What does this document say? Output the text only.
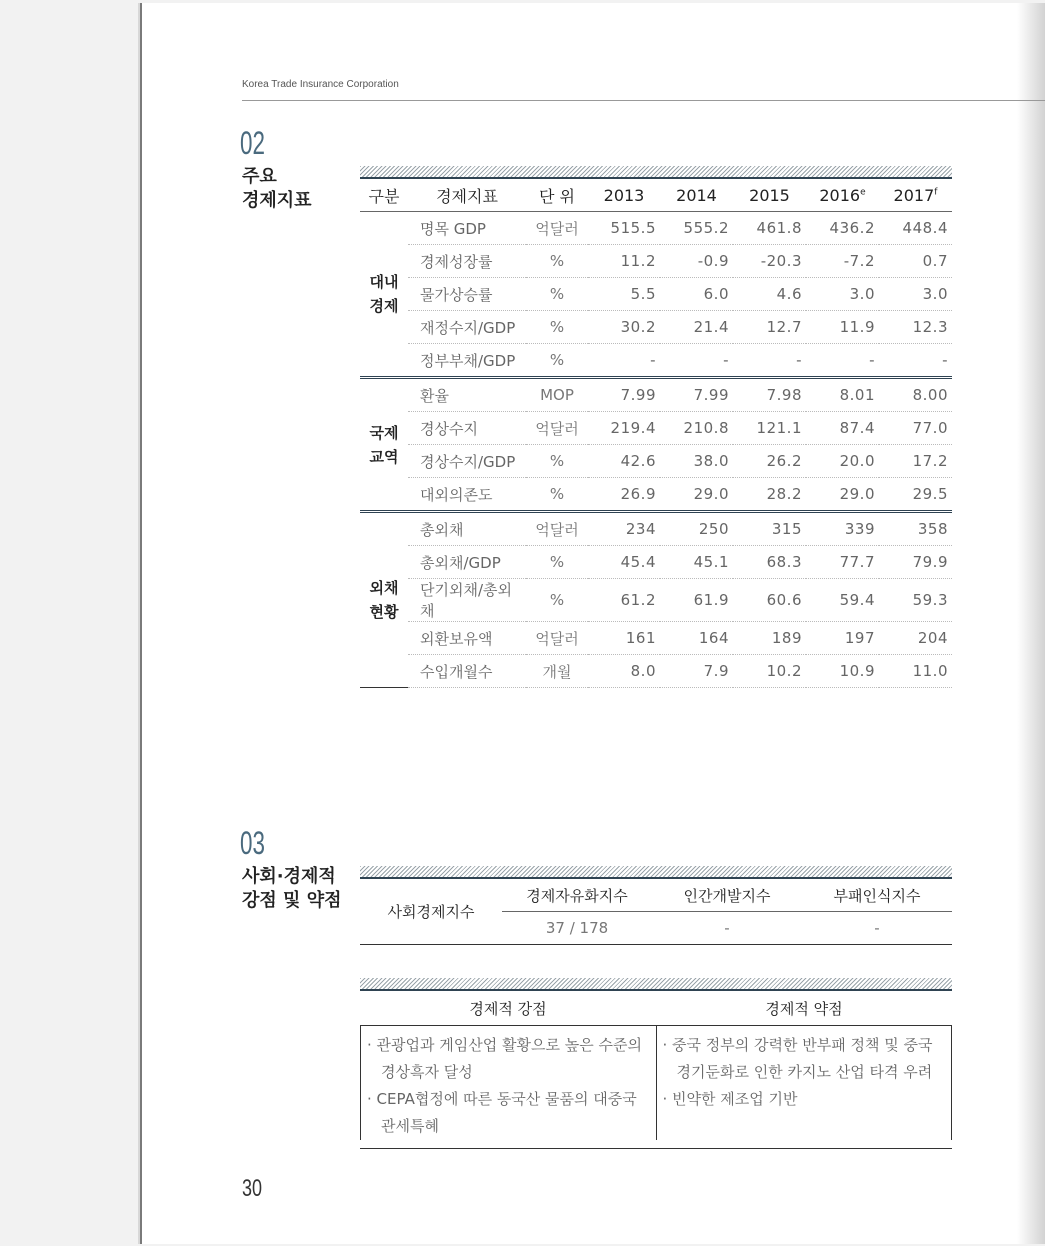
Korea Trade Insurance Corporation
02
주요
경제지표	구분	경제지표	단 위	2013	2014	2015	2016e	2017$^f$

대내
경제	명목 GDP	억달러	515.5	555.2	461.8	436.2	448.4
	경제성장률	%	11.2	-0.9	-20.3	-7.2	0.7
	물가상승률	%	5.5	6.0	4.6	3.0	3.0
	재정수지/GDP	%	30.2	21.4	12.7	11.9	12.3
	정부부채/GDP	%	-	-	-	-	-

국제
교역	환율	MOP	7.99	7.99	7.98	8.01	8.00
	경상수지	억달러	219.4	210.8	121.1	87.4	77.0
	경상수지/GDP	%	42.6	38.0	26.2	20.0	17.2
	대외의존도	%	26.9	29.0	28.2	29.0	29.5

외채
현황	총외채	억달러	234	250	315	339	358
	총외채/GDP	%	45.4	45.1	68.3	77.7	79.9
	단기외채/총외채	%	61.2	61.9	60.6	59.4	59.3
	외환보유액	억달러	161	164	189	197	204
	수입개월수	개월	8.0	7.9	10.2	10.9	11.0
03
사회·경제적
강점 및 약점
사회경제지수	경제자유화지수	인간개발지수	부패인식지수
	37 / 178	-	-
경제적 강점	경제적 약점
· 관광업과 게임산업 활황으로 높은 수준의 경상흑자 달성
· CEPA협정에 따른 동국산 물품의 대중국 관세특혜
· 중국 정부의 강력한 반부패 정책 및 중국 경기둔화로 인한 카지노 산업 타격 우려
· 빈약한 제조업 기반
30
